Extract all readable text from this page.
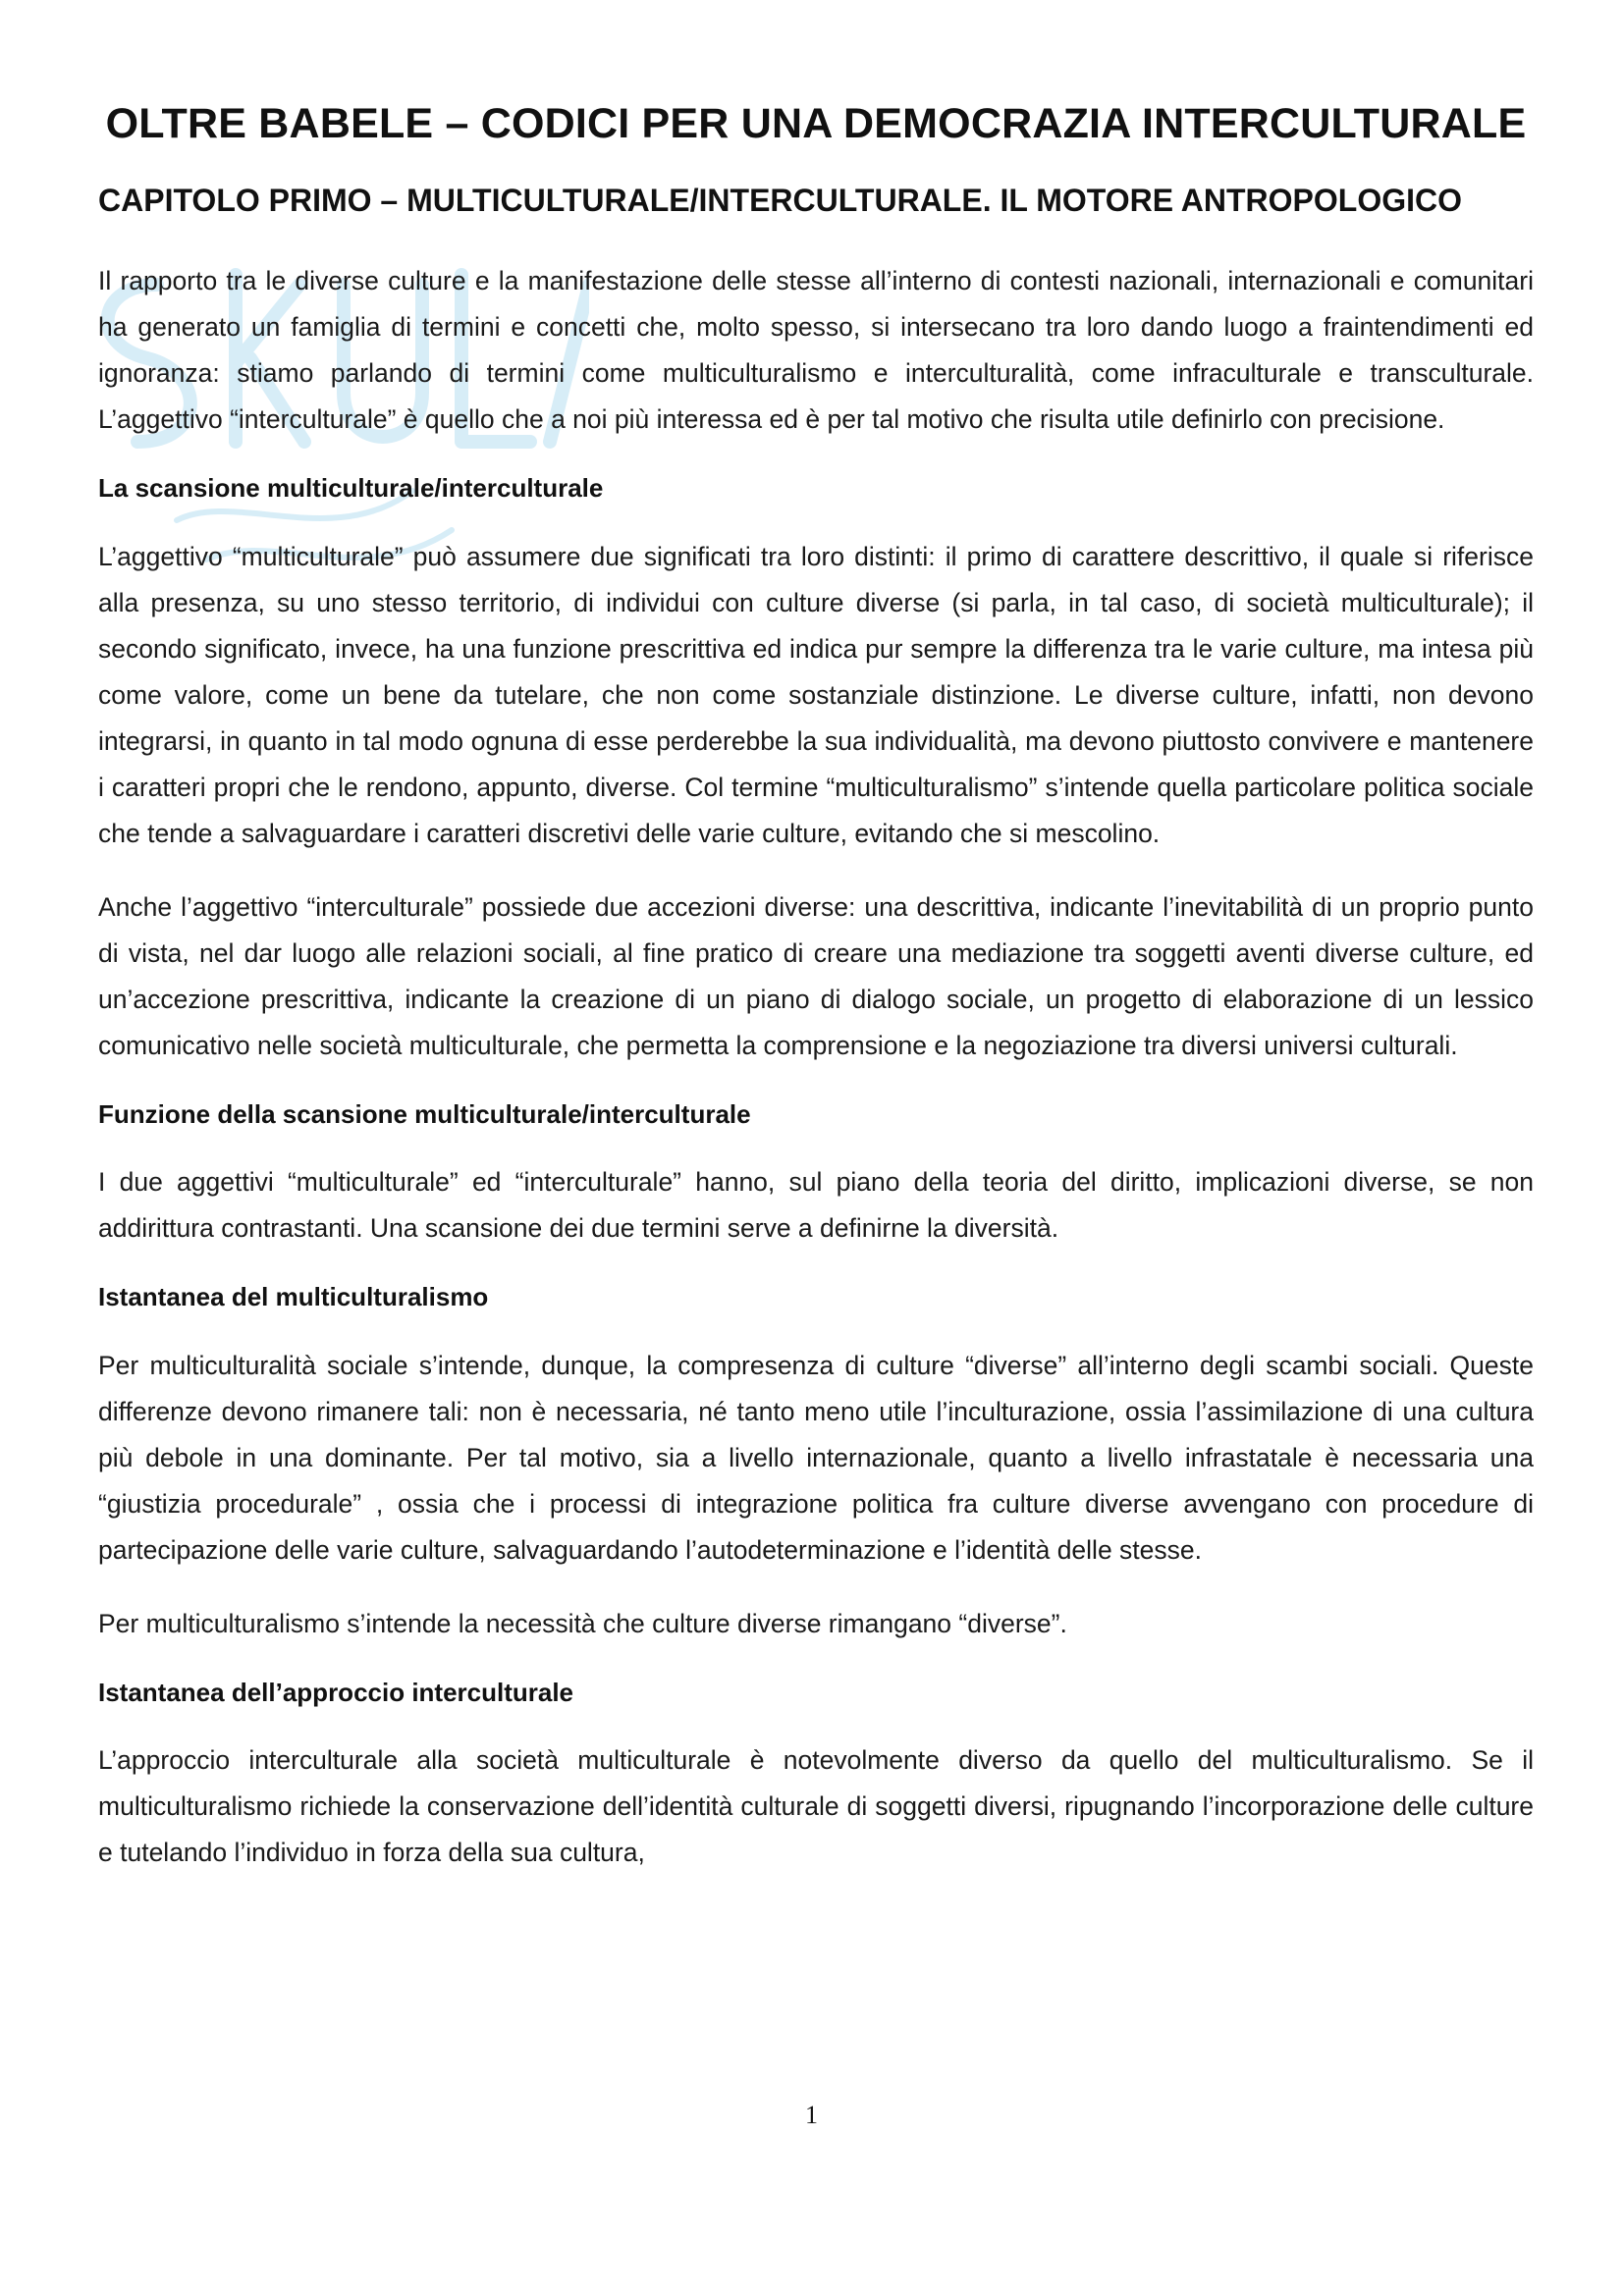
OLTRE BABELE – CODICI PER UNA DEMOCRAZIA INTERCULTURALE
CAPITOLO PRIMO – MULTICULTURALE/INTERCULTURALE. IL MOTORE ANTROPOLOGICO

Il rapporto tra le diverse culture e la manifestazione delle stesse all’interno di contesti nazionali, internazionali e comunitari ha generato un famiglia di termini e concetti che, molto spesso, si intersecano tra loro dando luogo a fraintendimenti ed ignoranza: stiamo parlando di termini come multiculturalismo e interculturalità, come infraculturale e transculturale. L’aggettivo “interculturale” è quello che a noi più interessa ed è per tal motivo che risulta utile definirlo con precisione.

La scansione multiculturale/interculturale

L’aggettivo “multiculturale” può assumere due significati tra loro distinti: il primo di carattere descrittivo, il quale si riferisce alla presenza, su uno stesso territorio, di individui con culture diverse (si parla, in tal caso, di società multiculturale); il secondo significato, invece, ha una funzione prescrittiva ed indica pur sempre la differenza tra le varie culture, ma intesa più come valore, come un bene da tutelare, che non come sostanziale distinzione. Le diverse culture, infatti, non devono integrarsi, in quanto in tal modo ognuna di esse perderebbe la sua individualità, ma devono piuttosto convivere e mantenere i caratteri propri che le rendono, appunto, diverse. Col termine “multiculturalismo” s’intende quella particolare politica sociale che tende a salvaguardare i caratteri discretivi delle varie culture, evitando che si mescolino.

Anche l’aggettivo “interculturale” possiede due accezioni diverse: una descrittiva, indicante l’inevitabilità di un proprio punto di vista, nel dar luogo alle relazioni sociali, al fine pratico di creare una mediazione tra soggetti aventi diverse culture, ed un’accezione prescrittiva, indicante la creazione di un piano di dialogo sociale, un progetto di elaborazione di un lessico comunicativo nelle società multiculturale, che permetta la comprensione e la negoziazione tra diversi universi culturali.

Funzione della scansione multiculturale/interculturale

I due aggettivi “multiculturale” ed “interculturale” hanno, sul piano della teoria del diritto, implicazioni diverse, se non addirittura contrastanti. Una scansione dei due termini serve a definirne la diversità.

Istantanea del multiculturalismo

Per multiculturalità sociale s’intende, dunque, la compresenza di culture “diverse” all’interno degli scambi sociali. Queste differenze devono rimanere tali: non è necessaria, né tanto meno utile l’inculturazione, ossia l’assimilazione di una cultura più debole in una dominante. Per tal motivo, sia a livello internazionale, quanto a livello infrastatale è necessaria una “giustizia procedurale” , ossia che i processi di integrazione politica fra culture diverse avvengano con procedure di partecipazione delle varie culture, salvaguardando l’autodeterminazione e l’identità delle stesse.

Per multiculturalismo s’intende la necessità che culture diverse rimangano “diverse”.

Istantanea dell’approccio interculturale

L’approccio interculturale alla società multiculturale è notevolmente diverso da quello del multiculturalismo. Se il multiculturalismo richiede la conservazione dell’identità culturale di soggetti diversi, ripugnando l’incorporazione delle culture e tutelando l’individuo in forza della sua cultura,

1
